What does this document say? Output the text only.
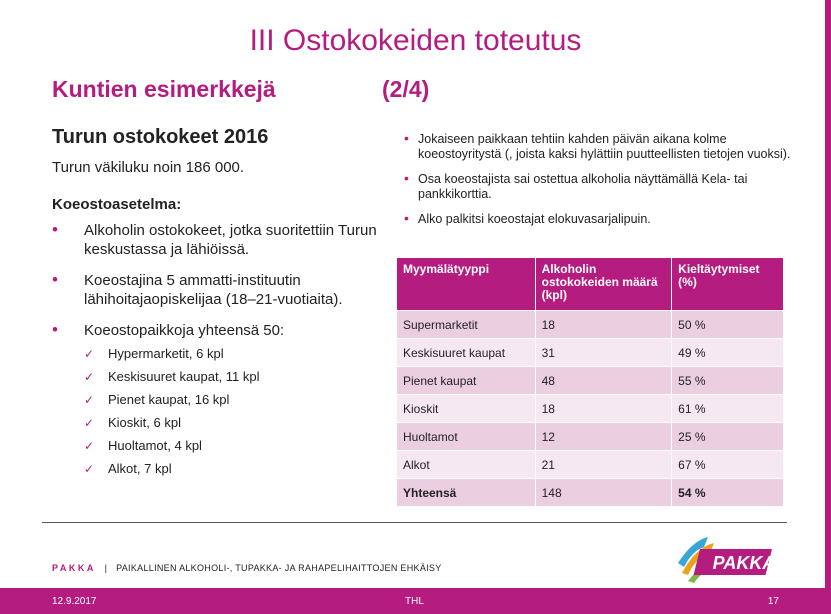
III Ostokokeiden toteutus
Kuntien esimerkkejä	(2/4)
Turun ostokokeet 2016
Turun väkiluku noin 186 000.
Koeostoasetelma:
• Alkoholin ostokokeet, jotka suoritettiin Turun keskustassa ja lähiöissä.
• Koeostajina 5 ammatti-instituutin lähihoitajaopiskelijaa (18–21-vuotiaita).
• Koeostopaikkoja yhteensä 50:
✓ Hypermarketit, 6 kpl
✓ Keskisuuret kaupat, 11 kpl
✓ Pienet kaupat, 16 kpl
✓ Kioskit, 6 kpl
✓ Huoltamot, 4 kpl
✓ Alkot, 7 kpl
• Jokaiseen paikkaan tehtiin kahden päivän aikana kolme koeostoyritystä (, joista kaksi hylättiin puutteellisten tietojen vuoksi).
• Osa koeostajista sai ostettua alkoholia näyttämällä Kela- tai pankkikorttia.
• Alko palkitsi koeostajat elokuvasarjalipuin.
Myymälätyyppi	Alkoholin ostokokeiden määrä (kpl)	Kieltäytymiset (%)
Supermarketit	18	50 %
Keskisuuret kaupat	31	49 %
Pienet kaupat	48	55 %
Kioskit	18	61 %
Huoltamot	12	25 %
Alkot	21	67 %
Yhteensä	148	54 %
PAKKA | PAIKALLINEN ALKOHOLI-, TUPAKKA- JA RAHAPELIHAITTOJEN EHKÄISY	PAKKA
12.9.2017	THL	17
